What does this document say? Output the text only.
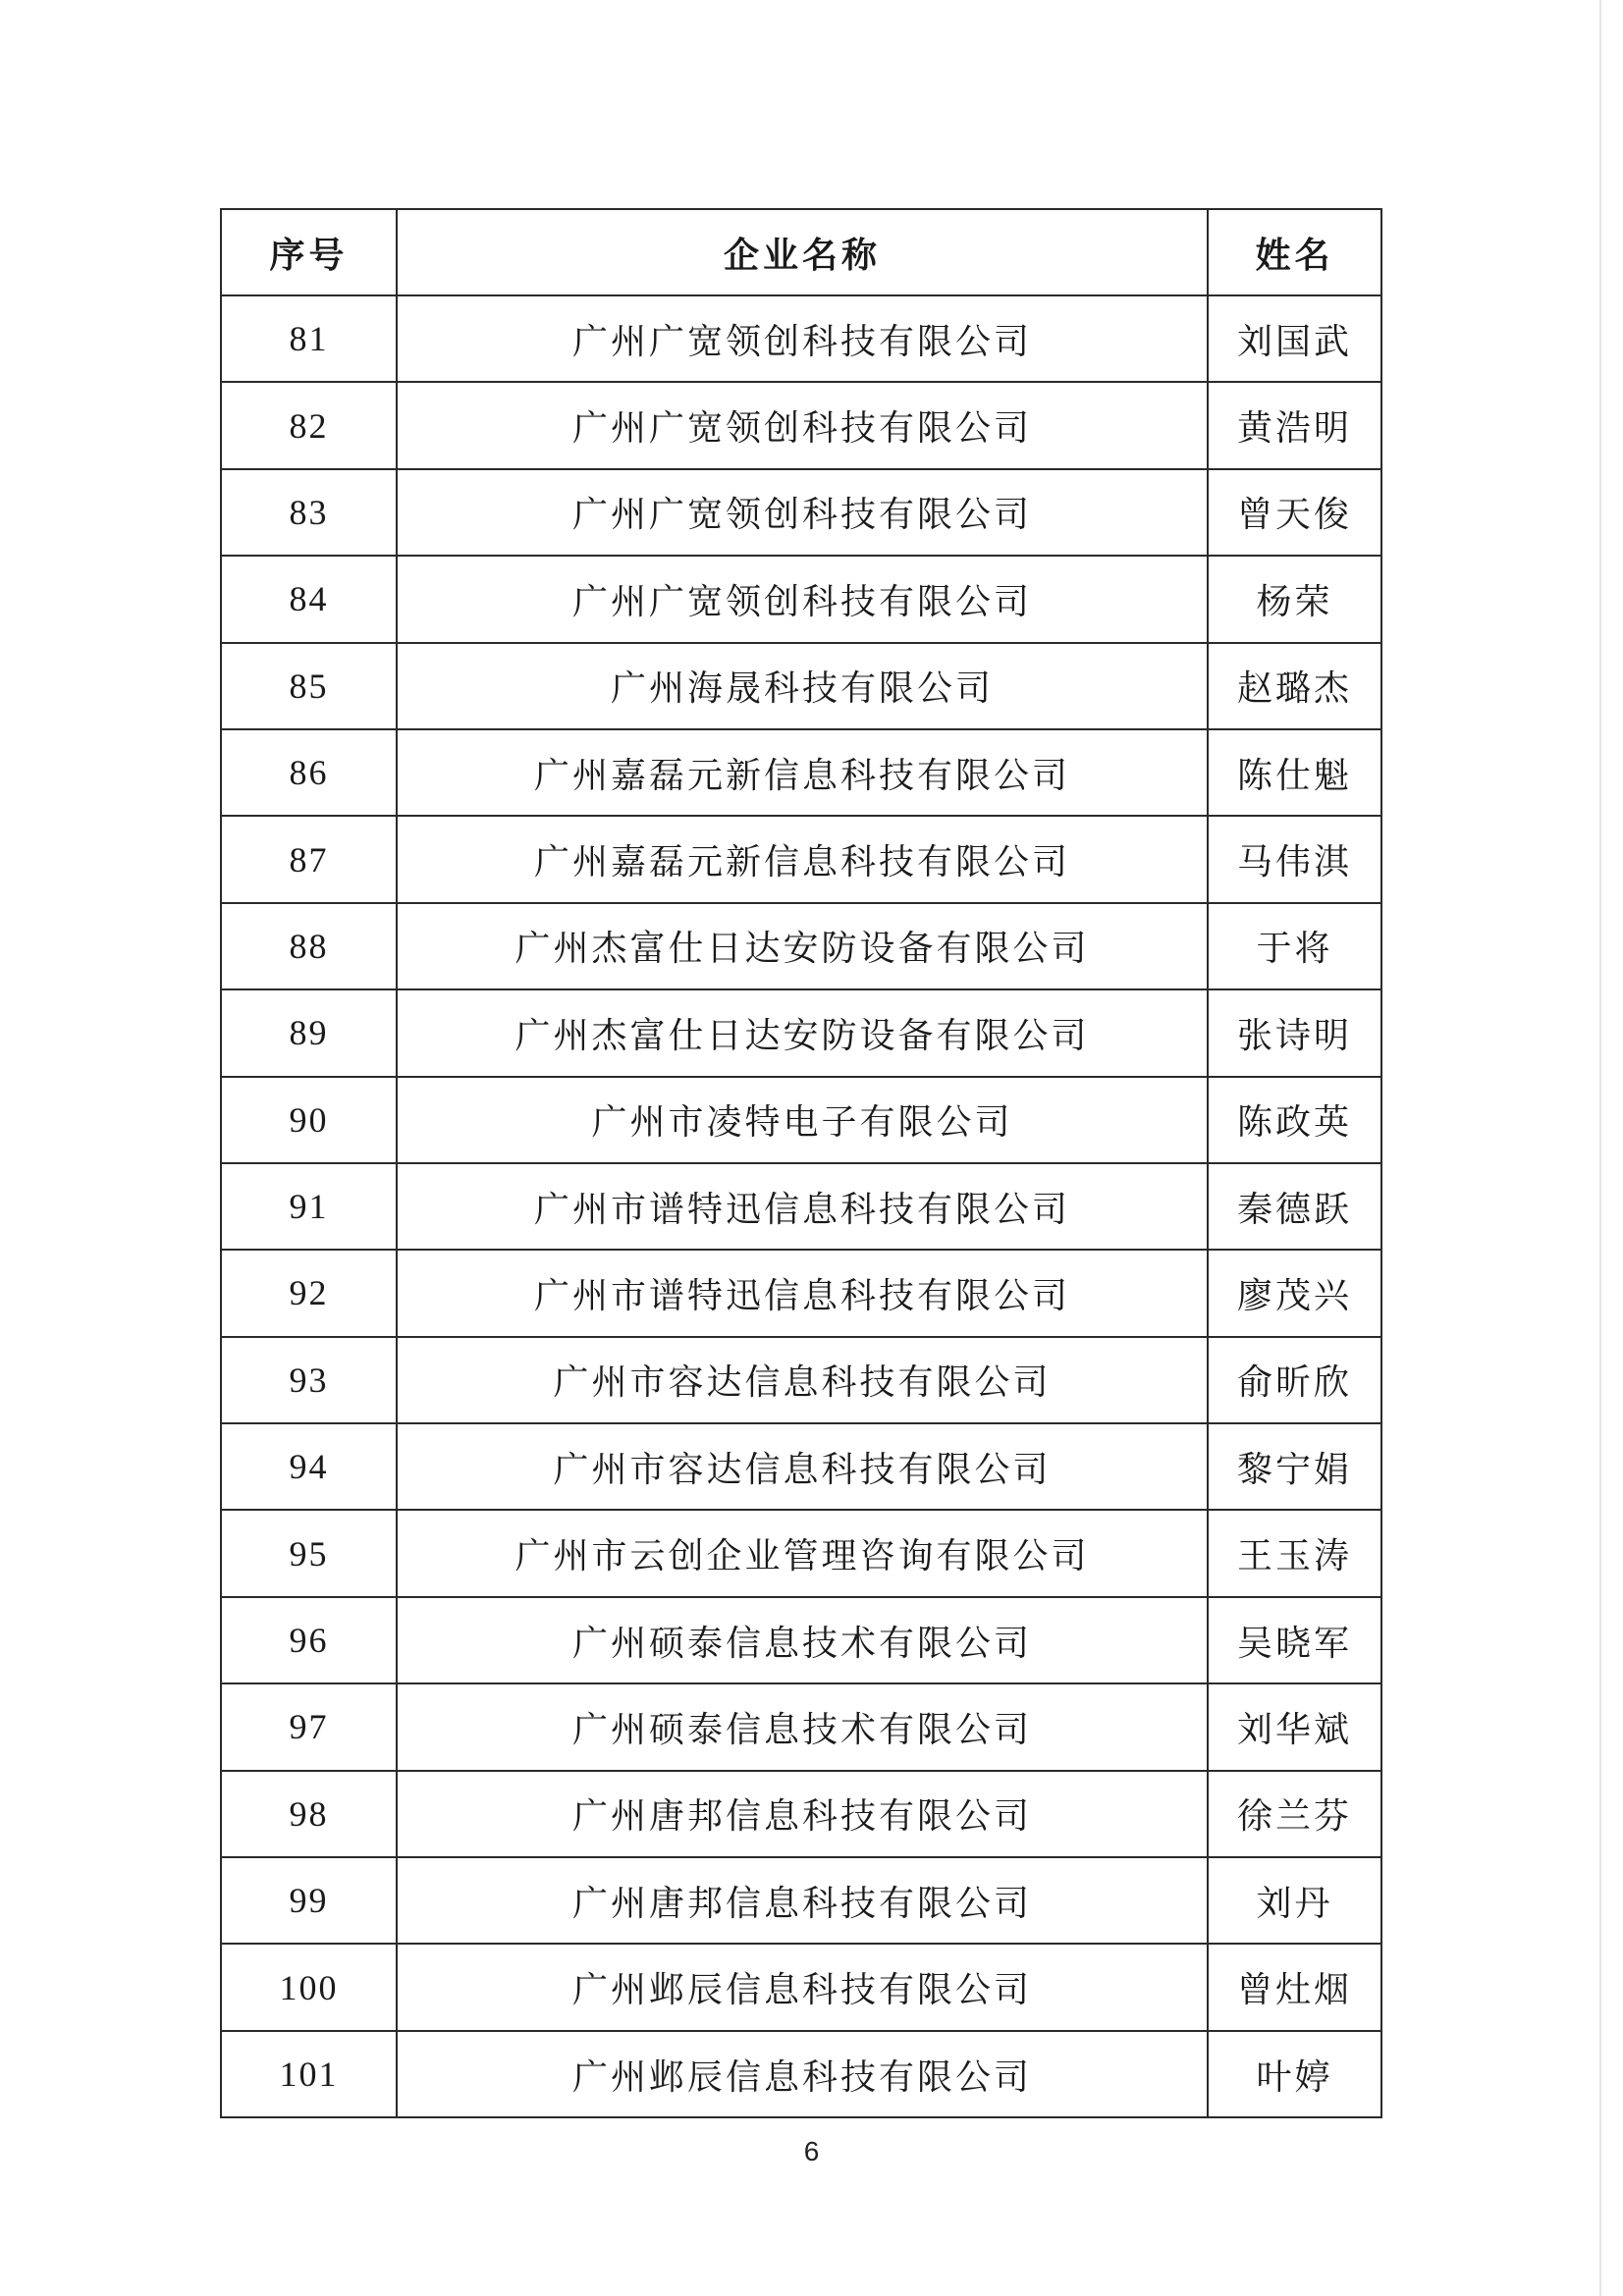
序号	企业名称	姓名
81	广州广宽领创科技有限公司	刘国武
82	广州广宽领创科技有限公司	黄浩明
83	广州广宽领创科技有限公司	曾天俊
84	广州广宽领创科技有限公司	杨荣
85	广州海晟科技有限公司	赵璐杰
86	广州嘉磊元新信息科技有限公司	陈仕魁
87	广州嘉磊元新信息科技有限公司	马伟淇
88	广州杰富仕日达安防设备有限公司	于将
89	广州杰富仕日达安防设备有限公司	张诗明
90	广州市凌特电子有限公司	陈政英
91	广州市谱特迅信息科技有限公司	秦德跃
92	广州市谱特迅信息科技有限公司	廖茂兴
93	广州市容达信息科技有限公司	俞昕欣
94	广州市容达信息科技有限公司	黎宁娟
95	广州市云创企业管理咨询有限公司	王玉涛
96	广州硕泰信息技术有限公司	吴晓军
97	广州硕泰信息技术有限公司	刘华斌
98	广州唐邦信息科技有限公司	徐兰芬
99	广州唐邦信息科技有限公司	刘丹
100	广州邺辰信息科技有限公司	曾灶烟
101	广州邺辰信息科技有限公司	叶婷
6
